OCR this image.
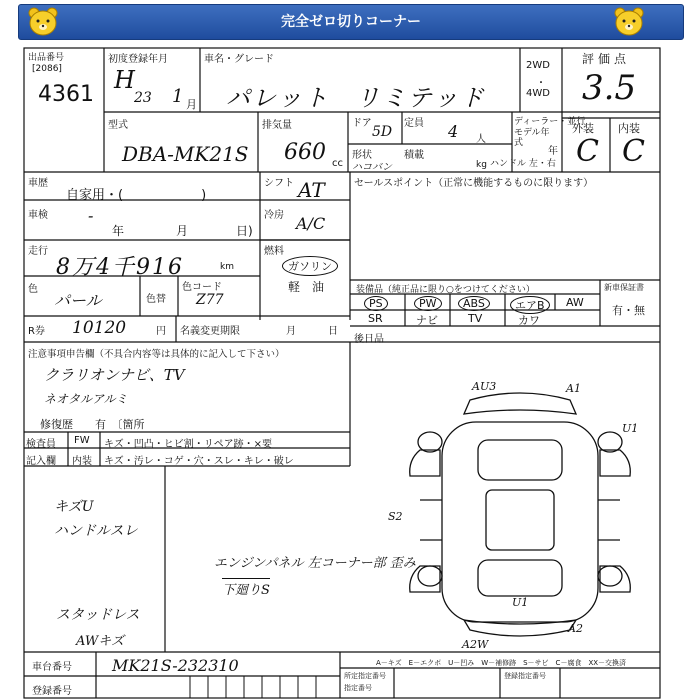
完全ゼロ切りコーナー
出品番号
[2086]
4361
初度登録年月
H
23 1 月
車名・グレード
パレット　リミテッド
2WD
・
4WD
評価点
3.5
外装 内装
C C
型式
DBA-MK21S
排気量
660 cc
ドア
5D
定員 4 人
ディーラー・並行
モデル年式
年
ハンドル 左・右
形状
ハコバン
積載
kg
車歴
自家用・(　　　　　　)
シフト AT	セールスポイント（正常に機能するものに限ります）
車検	-
年	月	日)
冷房 A/C
走行
8万4千916	km
燃料
ガソリン
軽　油
色
パール	色替
色コード
Z77
装備品（純正品に限り○をつけてください）	新車保証書
有・無
PS	PW	ABS	エアB	AW
SR	ナビ	TV	カワ
R券 10120	円 名義変更期限	月	日
後日品
注意事項申告欄（不具合内容等は具体的に記入して下さい）
クラリオンナビ、TV
ネオタルアルミ
修復歴　　有　〔箇所
検査員
記入欄
FW キズ・凹凸・ヒビ割・リペア跡・×要
内装 キズ・汚レ・コゲ・穴・スレ・キレ・破レ
キズU
ハンドルスレ
スタッドレス
AWキズ
エンジンパネル 左コーナー部 歪み
下廻りS
AU3	A1
U1
S2
U1
A2
A2W
A－キズ　E－エクボ　U－凹み　W－補修跡　S－サビ　C－腐食　XX－交換済
車台番号	MK21S-232310
登録番号
所定指定番号
指定番号
登録指定番号
